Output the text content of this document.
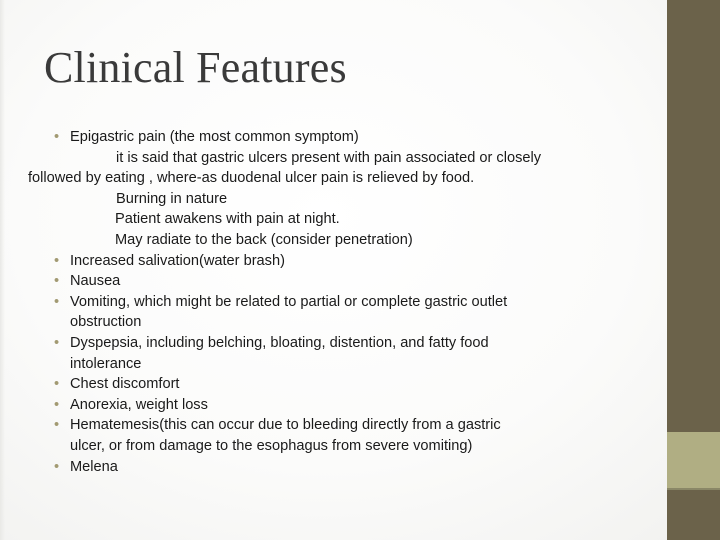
Clinical Features
• Epigastric pain (the most common symptom)
it is said that gastric ulcers present with pain associated or closely
followed by eating , where-as duodenal ulcer pain is relieved by food.
Burning in nature
Patient awakens with pain at night.
May radiate to the back (consider penetration)
• Increased salivation(water brash)
• Nausea
• Vomiting, which might be related to partial or complete gastric outlet
obstruction
• Dyspepsia, including belching, bloating, distention, and fatty food
intolerance
• Chest discomfort
• Anorexia, weight loss
• Hematemesis(this can occur due to bleeding directly from a gastric
ulcer, or from damage to the esophagus from severe vomiting)
• Melena
